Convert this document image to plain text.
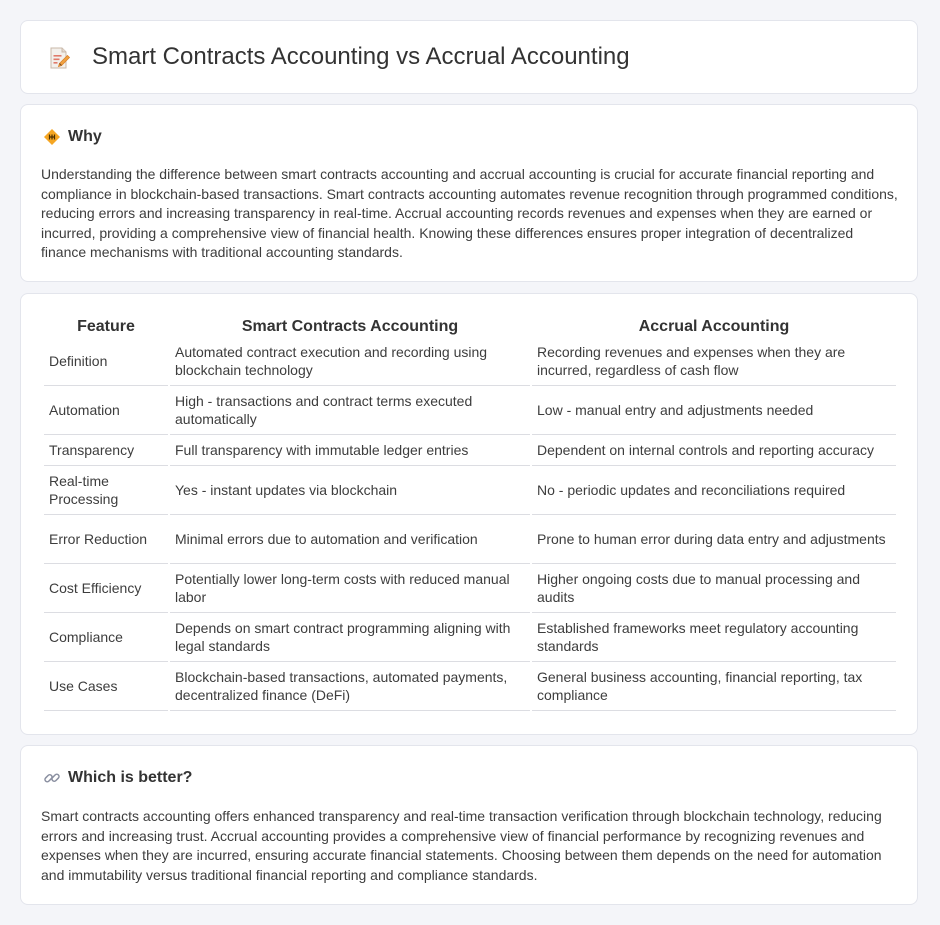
Smart Contracts Accounting vs Accrual Accounting
Why

Understanding the difference between smart contracts accounting and accrual accounting is crucial for accurate financial reporting and compliance in blockchain-based transactions. Smart contracts accounting automates revenue recognition through programmed conditions, reducing errors and increasing transparency in real-time. Accrual accounting records revenues and expenses when they are earned or incurred, providing a comprehensive view of financial health. Knowing these differences ensures proper integration of decentralized finance mechanisms with traditional accounting standards.

Feature	Smart Contracts Accounting	Accrual Accounting
Definition	Automated contract execution and recording using blockchain technology	Recording revenues and expenses when they are incurred, regardless of cash flow
Automation	High - transactions and contract terms executed automatically	Low - manual entry and adjustments needed
Transparency	Full transparency with immutable ledger entries	Dependent on internal controls and reporting accuracy
Real-time Processing	Yes - instant updates via blockchain	No - periodic updates and reconciliations required
Error Reduction	Minimal errors due to automation and verification	Prone to human error during data entry and adjustments
Cost Efficiency	Potentially lower long-term costs with reduced manual labor	Higher ongoing costs due to manual processing and audits
Compliance	Depends on smart contract programming aligning with legal standards	Established frameworks meet regulatory accounting standards
Use Cases	Blockchain-based transactions, automated payments, decentralized finance (DeFi)	General business accounting, financial reporting, tax compliance
Which is better?

Smart contracts accounting offers enhanced transparency and real-time transaction verification through blockchain technology, reducing errors and increasing trust. Accrual accounting provides a comprehensive view of financial performance by recognizing revenues and expenses when they are incurred, ensuring accurate financial statements. Choosing between them depends on the need for automation and immutability versus traditional financial reporting and compliance standards.
